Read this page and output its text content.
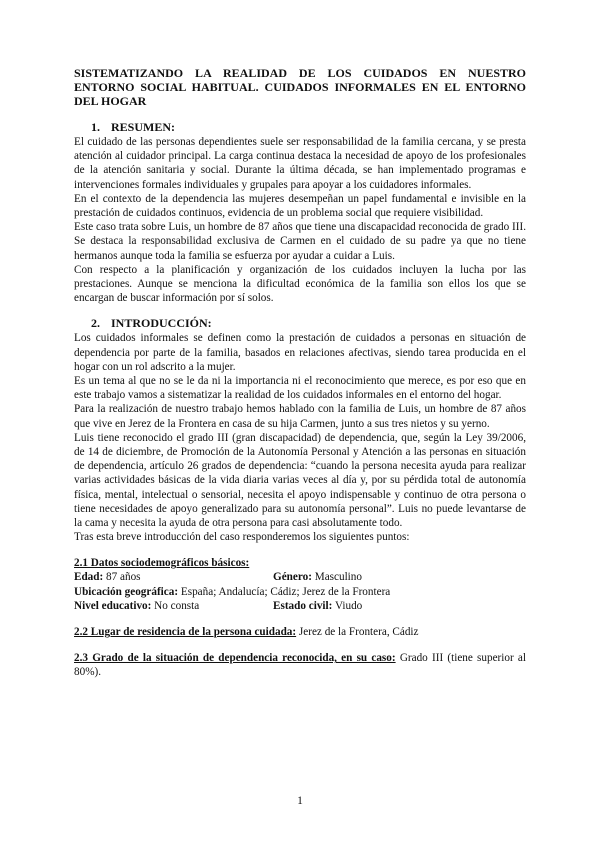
SISTEMATIZANDO LA REALIDAD DE LOS CUIDADOS EN NUESTRO ENTORNO SOCIAL HABITUAL. CUIDADOS INFORMALES EN EL ENTORNO DEL HOGAR
1. RESUMEN:

El cuidado de las personas dependientes suele ser responsabilidad de la familia cercana, y se presta atención al cuidador principal. La carga continua destaca la necesidad de apoyo de los profesionales de la atención sanitaria y social. Durante la última década, se han implementado programas e intervenciones formales individuales y grupales para apoyar a los cuidadores informales.

En el contexto de la dependencia las mujeres desempeñan un papel fundamental e invisible en la prestación de cuidados continuos, evidencia de un problema social que requiere visibilidad.

Este caso trata sobre Luis, un hombre de 87 años que tiene una discapacidad reconocida de grado III. Se destaca la responsabilidad exclusiva de Carmen en el cuidado de su padre ya que no tiene hermanos aunque toda la familia se esfuerza por ayudar a cuidar a Luis.

Con respecto a la planificación y organización de los cuidados incluyen la lucha por las prestaciones. Aunque se menciona la dificultad económica de la familia son ellos los que se encargan de buscar información por sí solos.

2. INTRODUCCIÓN:

Los cuidados informales se definen como la prestación de cuidados a personas en situación de dependencia por parte de la familia, basados en relaciones afectivas, siendo tarea producida en el hogar con un rol adscrito a la mujer.

Es un tema al que no se le da ni la importancia ni el reconocimiento que merece, es por eso que en este trabajo vamos a sistematizar la realidad de los cuidados informales en el entorno del hogar.

Para la realización de nuestro trabajo hemos hablado con la familia de Luis, un hombre de 87 años que vive en Jerez de la Frontera en casa de su hija Carmen, junto a sus tres nietos y su yerno.

Luis tiene reconocido el grado III (gran discapacidad) de dependencia, que, según la Ley 39/2006, de 14 de diciembre, de Promoción de la Autonomía Personal y Atención a las personas en situación de dependencia, artículo 26 grados de dependencia: “cuando la persona necesita ayuda para realizar varias actividades básicas de la vida diaria varias veces al día y, por su pérdida total de autonomía física, mental, intelectual o sensorial, necesita el apoyo indispensable y continuo de otra persona o tiene necesidades de apoyo generalizado para su autonomía personal”. Luis no puede levantarse de la cama y necesita la ayuda de otra persona para casi absolutamente todo.

Tras esta breve introducción del caso responderemos los siguientes puntos:

2.1 Datos sociodemográficos básicos:
Edad: 87 años	Género: Masculino
Ubicación geográfica: España; Andalucía; Cádiz; Jerez de la Frontera
Nivel educativo: No consta	Estado civil: Viudo

2.2 Lugar de residencia de la persona cuidada: Jerez de la Frontera, Cádiz

2.3 Grado de la situación de dependencia reconocida, en su caso: Grado III (tiene superior al 80%).

1
